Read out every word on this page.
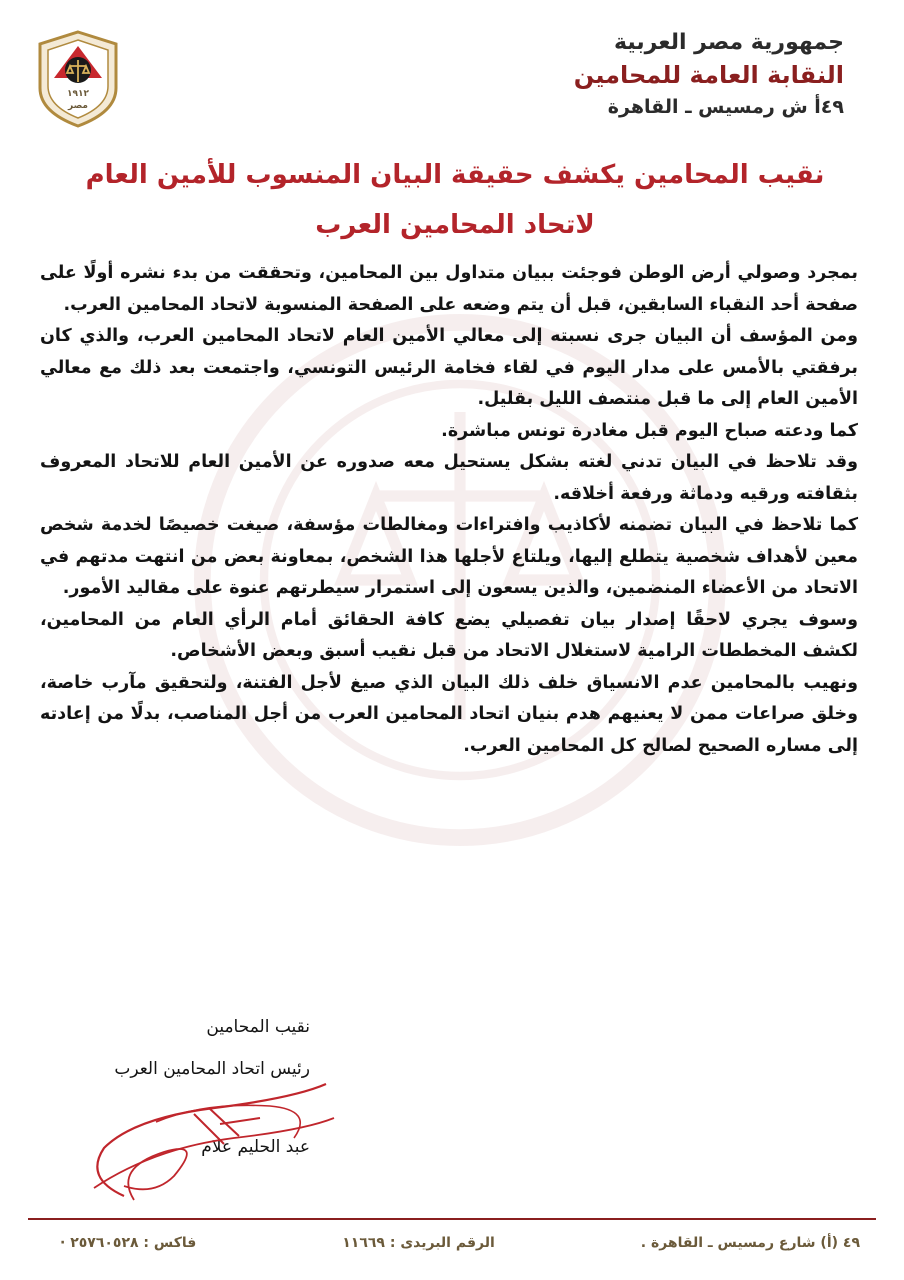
١٩١٢
مصر
جمهورية مصر العربية
النقابة العامة للمحامين
٤٩أ ش رمسيس ـ القاهرة
نقيب المحامين يكشف حقيقة البيان المنسوب للأمين العام لاتحاد المحامين العرب

بمجرد وصولي أرض الوطن فوجئت ببيان متداول بين المحامين، وتحققت من بدء نشره أولًا على صفحة أحد النقباء السابقين، قبل أن يتم وضعه على الصفحة المنسوبة لاتحاد المحامين العرب.

ومن المؤسف أن البيان جرى نسبته إلى معالي الأمين العام لاتحاد المحامين العرب، والذي كان برفقتي بالأمس على مدار اليوم في لقاء فخامة الرئيس التونسي، واجتمعت بعد ذلك مع معالي الأمين العام إلى ما قبل منتصف الليل بقليل.

كما ودعته صباح اليوم قبل مغادرة تونس مباشرة.

وقد تلاحظ في البيان تدني لغته بشكل يستحيل معه صدوره عن الأمين العام للاتحاد المعروف بثقافته ورقيه ودماثة ورفعة أخلاقه.

كما تلاحظ في البيان تضمنه لأكاذيب وافتراءات ومغالطات مؤسفة، صيغت خصيصًا لخدمة شخص معين لأهداف شخصية يتطلع إليها، ويلتاع لأجلها هذا الشخص، بمعاونة بعض من انتهت مدتهم في الاتحاد من الأعضاء المنضمين، والذين يسعون إلى استمرار سيطرتهم عنوة على مقاليد الأمور.

وسوف يجري لاحقًا إصدار بيان تفصيلي يضع كافة الحقائق أمام الرأي العام من المحامين، لكشف المخططات الرامية لاستغلال الاتحاد من قبل نقيب أسبق وبعض الأشخاص.

ونهيب بالمحامين عدم الانسياق خلف ذلك البيان الذي صيغ لأجل الفتنة، ولتحقيق مآرب خاصة، وخلق صراعات ممن لا يعنيهم هدم بنيان اتحاد المحامين العرب من أجل المناصب، بدلًا من إعادته إلى مساره الصحيح لصالح كل المحامين العرب.

نقيب المحامين
رئيس اتحاد المحامين العرب
عبد الحليم علام
٤٩ (أ) شارع رمسيس ـ القاهرة .
الرقم البريدى : ١١٦٦٩
فاكس : ٢٥٧٦٠٥٢٨ ·
